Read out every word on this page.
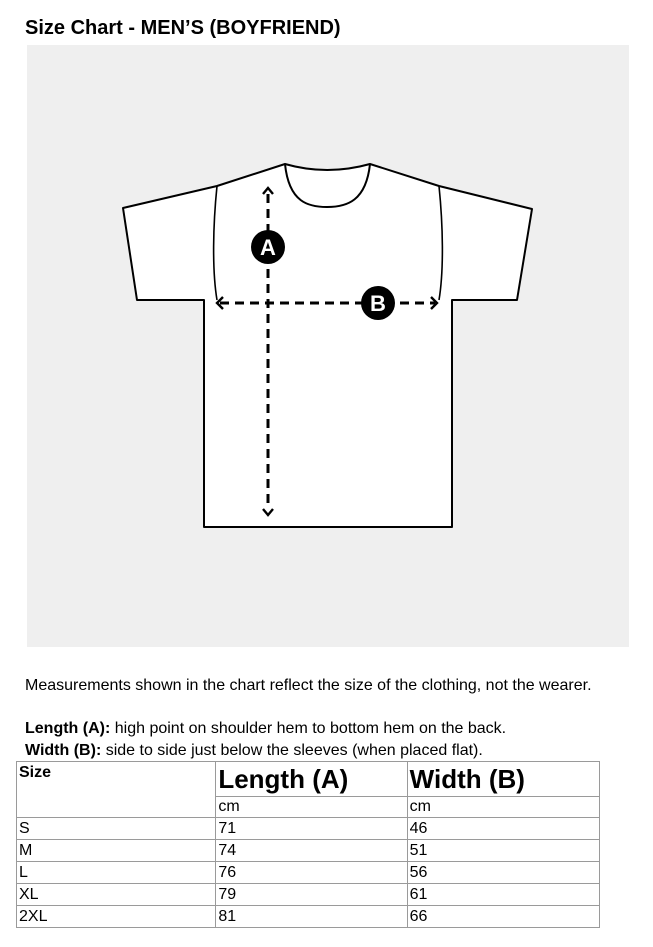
Size Chart - MEN’S (BOYFRIEND)
A
B
Measurements shown in the chart reflect the size of the clothing, not the wearer.
Length (A): high point on shoulder hem to bottom hem on the back.
Width (B): side to side just below the sleeves (when placed flat).
Size	Length (A)	Width (B)
	cm	cm
S	71	46
M	74	51
L	76	56
XL	79	61
2XL	81	66
